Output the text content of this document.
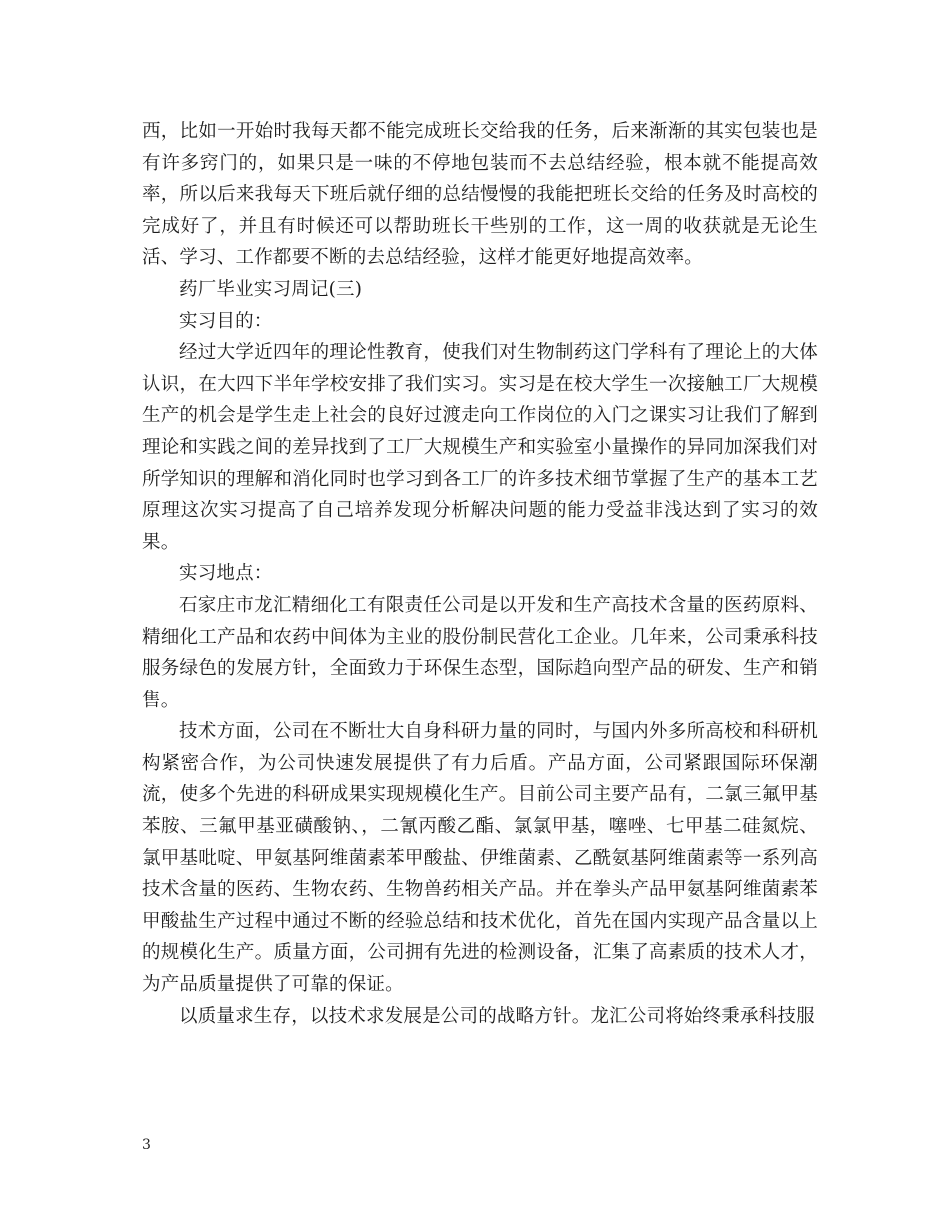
西，比如一开始时我每天都不能完成班长交给我的任务，后来渐渐的其实包装也是有许多窍门的，如果只是一味的不停地包装而不去总结经验，根本就不能提高效率，所以后来我每天下班后就仔细的总结慢慢的我能把班长交给的任务及时高校的完成好了，并且有时候还可以帮助班长干些别的工作，这一周的收获就是无论生活、学习、工作都要不断的去总结经验，这样才能更好地提高效率。

药厂毕业实习周记(三)

实习目的：

经过大学近四年的理论性教育，使我们对生物制药这门学科有了理论上的大体认识，在大四下半年学校安排了我们实习。实习是在校大学生一次接触工厂大规模生产的机会是学生走上社会的良好过渡走向工作岗位的入门之课实习让我们了解到理论和实践之间的差异找到了工厂大规模生产和实验室小量操作的异同加深我们对所学知识的理解和消化同时也学习到各工厂的许多技术细节掌握了生产的基本工艺原理这次实习提高了自己培养发现分析解决问题的能力受益非浅达到了实习的效果。

实习地点：

石家庄市龙汇精细化工有限责任公司是以开发和生产高技术含量的医药原料、精细化工产品和农药中间体为主业的股份制民营化工企业。几年来，公司秉承科技服务绿色的发展方针，全面致力于环保生态型，国际趋向型产品的研发、生产和销售。

技术方面，公司在不断壮大自身科研力量的同时，与国内外多所高校和科研机构紧密合作，为公司快速发展提供了有力后盾。产品方面，公司紧跟国际环保潮流，使多个先进的科研成果实现规模化生产。目前公司主要产品有，二氯三氟甲基苯胺、三氟甲基亚磺酸钠、，二氰丙酸乙酯、氯氯甲基，噻唑、七甲基二硅氮烷、氯甲基吡啶、甲氨基阿维菌素苯甲酸盐、伊维菌素、乙酰氨基阿维菌素等一系列高技术含量的医药、生物农药、生物兽药相关产品。并在拳头产品甲氨基阿维菌素苯甲酸盐生产过程中通过不断的经验总结和技术优化，首先在国内实现产品含量以上的规模化生产。质量方面，公司拥有先进的检测设备，汇集了高素质的技术人才，为产品质量提供了可靠的保证。

以质量求生存，以技术求发展是公司的战略方针。龙汇公司将始终秉承科技服

3
